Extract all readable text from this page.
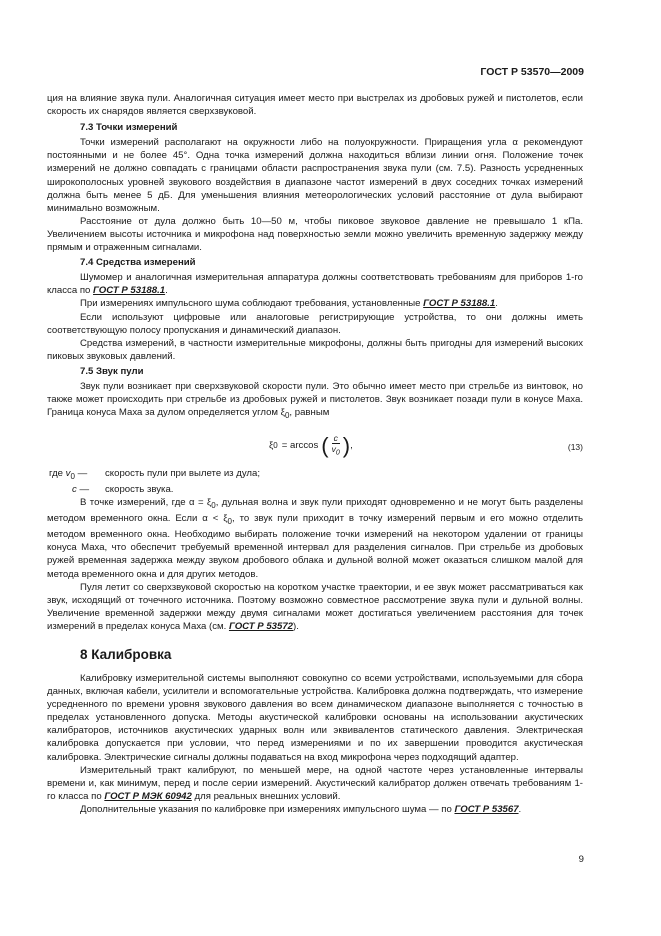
ГОСТ Р 53570—2009

ция на влияние звука пули. Аналогичная ситуация имеет место при выстрелах из дробовых ружей и пистолетов, если скорость их снарядов является сверхзвуковой.

7.3 Точки измерений

Точки измерений располагают на окружности либо на полуокружности. Приращения угла α рекомендуют постоянными и не более 45°. Одна точка измерений должна находиться вблизи линии огня. Положение точек измерений не должно совпадать с границами области распространения звука пули (см. 7.5). Разность усредненных широкополосных уровней звукового воздействия в диапазоне частот измерений в двух соседних точках измерений должна быть менее 5 дБ. Для уменьшения влияния метеорологических условий расстояние от дула выбирают минимально возможным.

Расстояние от дула должно быть 10—50 м, чтобы пиковое звуковое давление не превышало 1 кПа. Увеличением высоты источника и микрофона над поверхностью земли можно увеличить временную задержку между прямым и отраженным сигналами.

7.4 Средства измерений

Шумомер и аналогичная измерительная аппаратура должны соответствовать требованиям для приборов 1-го класса по ГОСТ Р 53188.1.

При измерениях импульсного шума соблюдают требования, установленные ГОСТ Р 53188.1.

Если используют цифровые или аналоговые регистрирующие устройства, то они должны иметь соответствующую полосу пропускания и динамический диапазон.

Средства измерений, в частности измерительные микрофоны, должны быть пригодны для измерений высоких пиковых звуковых давлений.

7.5 Звук пули

Звук пули возникает при сверхзвуковой скорости пули. Это обычно имеет место при стрельбе из винтовок, но также может происходить при стрельбе из дробовых ружей и пистолетов. Звук возникает позади пули в конусе Маха. Граница конуса Маха за дулом определяется углом $\xi_0$, равным

ξ 0 = arccos ( $\frac{c}{v_0}$ ) ,	(13)
где $v_0$ —	скорость пули при вылете из дула;
c —	скорость звука.

В точке измерений, где $\alpha = \xi_0$, дульная волна и звук пули приходят одновременно и не могут быть разделены методом временного окна. Если $\alpha < \xi_0$, то звук пули приходит в точку измерений первым и его можно отделить методом временного окна. Необходимо выбирать положение точки измерений на некотором удалении от границы конуса Маха, что обеспечит требуемый временной интервал для разделения сигналов. При стрельбе из дробовых ружей временная задержка между звуком дробового облака и дульной волной может оказаться слишком малой для метода временного окна и для других методов.

Пуля летит со сверхзвуковой скоростью на коротком участке траектории, и ее звук может рассматриваться как звук, исходящий от точечного источника. Поэтому возможно совместное рассмотрение звука пули и дульной волны. Увеличение временной задержки между двумя сигналами может достигаться увеличением расстояния для точек измерений в пределах конуса Маха (см. ГОСТ Р 53572).

8 Калибровка

Калибровку измерительной системы выполняют совокупно со всеми устройствами, используемыми для сбора данных, включая кабели, усилители и вспомогательные устройства. Калибровка должна подтверждать, что измерение усредненного по времени уровня звукового давления во всем динамическом диапазоне выполняется с точностью в пределах установленного допуска. Методы акустической калибровки основаны на использовании акустических калибраторов, источников акустических ударных волн или эквивалентов статического давления. Электрическая калибровка допускается при условии, что перед измерениями и по их завершении проводится акустическая калибровка. Электрические сигналы должны подаваться на вход микрофона через подходящий адаптер.

Измерительный тракт калибруют, по меньшей мере, на одной частоте через установленные интервалы времени и, как минимум, перед и после серии измерений. Акустический калибратор должен отвечать требованиям 1-го класса по ГОСТ Р МЭК 60942 для реальных внешних условий.

Дополнительные указания по калибровке при измерениях импульсного шума — по ГОСТ Р 53567.

9
